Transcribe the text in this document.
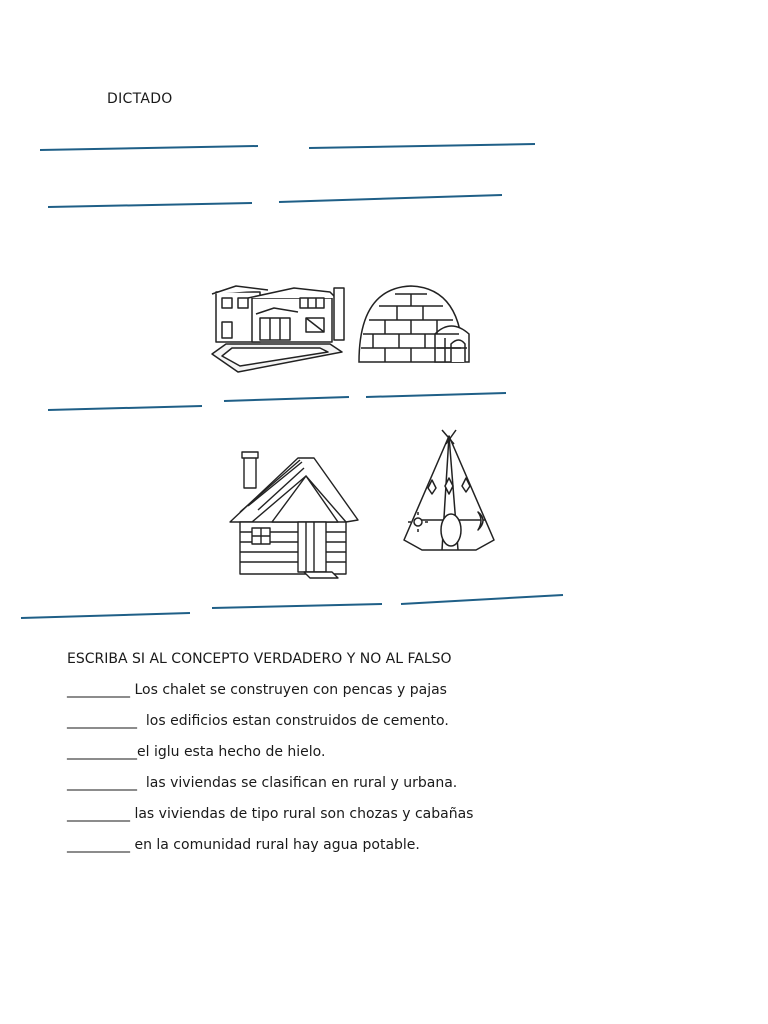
DICTADO
ESCRIBA SI AL CONCEPTO VERDADERO Y NO AL FALSO
_________ Los chalet se construyen con pencas y pajas
__________  los edificios estan construidos de cemento.
__________el iglu esta hecho de hielo.
__________  las viviendas se clasifican en rural y urbana.
_________ las viviendas de tipo rural son chozas y cabañas
_________ en la comunidad rural hay agua potable.
